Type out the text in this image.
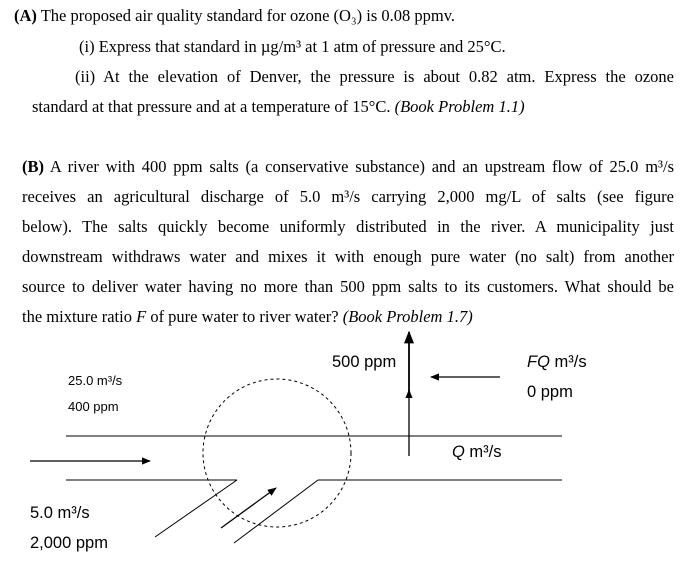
(A) The proposed air quality standard for ozone (O₃) is 0.08 ppmv.
(i) Express that standard in µg/m³ at 1 atm of pressure and 25°C.
(ii) At the elevation of Denver, the pressure is about 0.82 atm. Express the ozone
standard at that pressure and at a temperature of 15°C. (Book Problem 1.1)
(B) A river with 400 ppm salts (a conservative substance) and an upstream flow of 25.0 m³/s
receives an agricultural discharge of 5.0 m³/s carrying 2,000 mg/L of salts (see figure
below). The salts quickly become uniformly distributed in the river. A municipality just
downstream withdraws water and mixes it with enough pure water (no salt) from another
source to deliver water having no more than 500 ppm salts to its customers. What should be
the mixture ratio F of pure water to river water? (Book Problem 1.7)
25.0 m³/s
400 ppm
5.0 m³/s
2,000 ppm
500 ppm	FQ m³/s
0 ppm
Q m³/s
